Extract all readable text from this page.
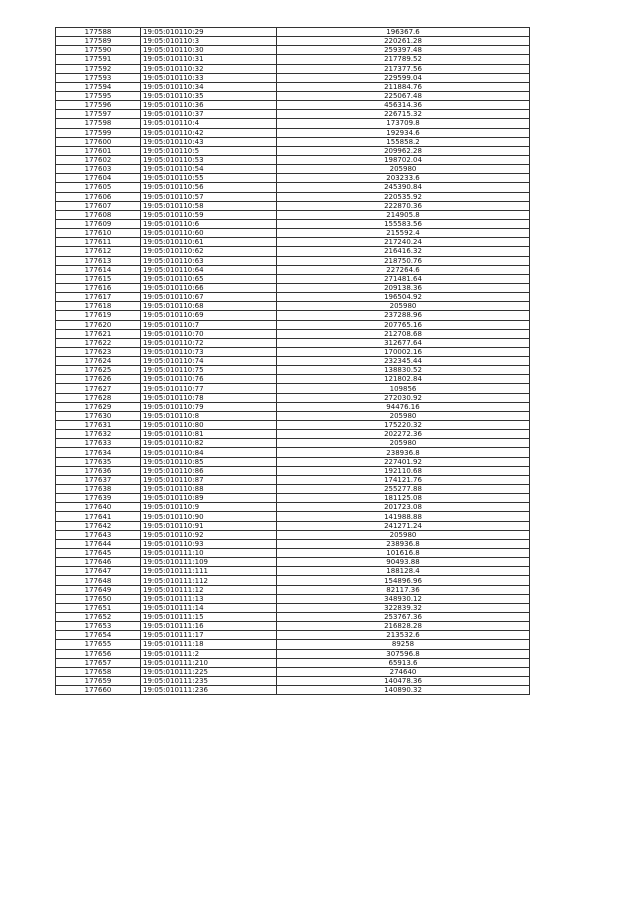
177588	19:05:010110:29	196367.6
177589	19:05:010110:3	220261.28
177590	19:05:010110:30	259397.48
177591	19:05:010110:31	217789.52
177592	19:05:010110:32	217377.56
177593	19:05:010110:33	229599.04
177594	19:05:010110:34	211884.76
177595	19:05:010110:35	225067.48
177596	19:05:010110:36	456314.36
177597	19:05:010110:37	226715.32
177598	19:05:010110:4	173709.8
177599	19:05:010110:42	192934.6
177600	19:05:010110:43	155858.2
177601	19:05:010110:5	209962.28
177602	19:05:010110:53	198702.04
177603	19:05:010110:54	205980
177604	19:05:010110:55	203233.6
177605	19:05:010110:56	245390.84
177606	19:05:010110:57	220535.92
177607	19:05:010110:58	222870.36
177608	19:05:010110:59	214905.8
177609	19:05:010110:6	155583.56
177610	19:05:010110:60	215592.4
177611	19:05:010110:61	217240.24
177612	19:05:010110:62	216416.32
177613	19:05:010110:63	218750.76
177614	19:05:010110:64	227264.6
177615	19:05:010110:65	271481.64
177616	19:05:010110:66	209138.36
177617	19:05:010110:67	196504.92
177618	19:05:010110:68	205980
177619	19:05:010110:69	237288.96
177620	19:05:010110:7	207765.16
177621	19:05:010110:70	212708.68
177622	19:05:010110:72	312677.64
177623	19:05:010110:73	170002.16
177624	19:05:010110:74	232345.44
177625	19:05:010110:75	138830.52
177626	19:05:010110:76	121802.84
177627	19:05:010110:77	109856
177628	19:05:010110:78	272030.92
177629	19:05:010110:79	94476.16
177630	19:05:010110:8	205980
177631	19:05:010110:80	175220.32
177632	19:05:010110:81	202272.36
177633	19:05:010110:82	205980
177634	19:05:010110:84	238936.8
177635	19:05:010110:85	227401.92
177636	19:05:010110:86	192110.68
177637	19:05:010110:87	174121.76
177638	19:05:010110:88	255277.88
177639	19:05:010110:89	181125.08
177640	19:05:010110:9	201723.08
177641	19:05:010110:90	141988.88
177642	19:05:010110:91	241271.24
177643	19:05:010110:92	205980
177644	19:05:010110:93	238936.8
177645	19:05:010111:10	101616.8
177646	19:05:010111:109	90493.88
177647	19:05:010111:111	188128.4
177648	19:05:010111:112	154896.96
177649	19:05:010111:12	82117.36
177650	19:05:010111:13	348930.12
177651	19:05:010111:14	322839.32
177652	19:05:010111:15	253767.36
177653	19:05:010111:16	216828.28
177654	19:05:010111:17	213532.6
177655	19:05:010111:18	89258
177656	19:05:010111:2	307596.8
177657	19:05:010111:210	65913.6
177658	19:05:010111:225	274640
177659	19:05:010111:235	140478.36
177660	19:05:010111:236	140890.32
